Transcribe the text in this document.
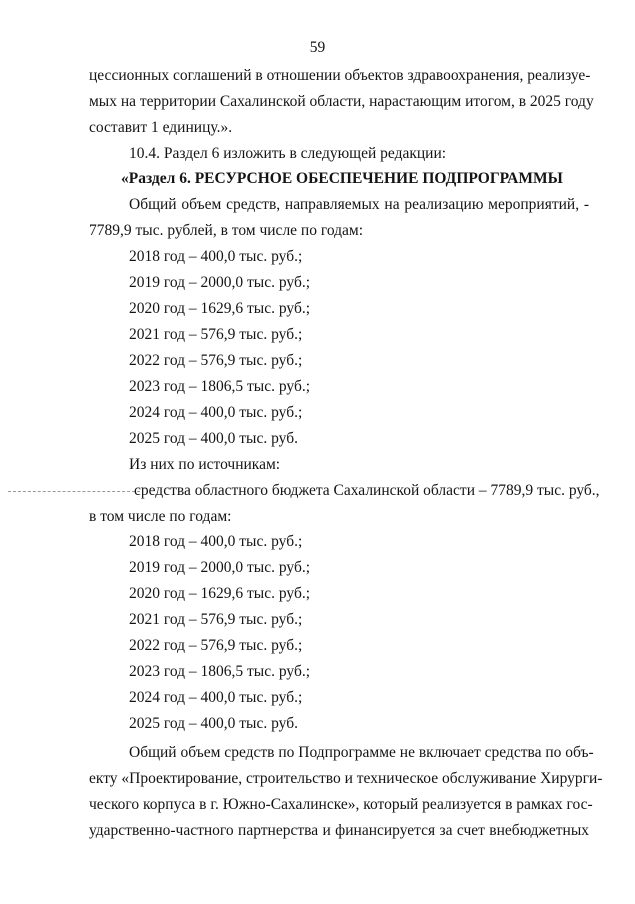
59
цессионных соглашений в отношении объектов здравоохранения, реализуе-
мых на территории Сахалинской области, нарастающим итогом, в 2025 году
составит 1 единицу.».
10.4. Раздел 6 изложить в следующей редакции:
«Раздел 6. РЕСУРСНОЕ ОБЕСПЕЧЕНИЕ ПОДПРОГРАММЫ
Общий объем средств, направляемых на реализацию мероприятий, -
7789,9 тыс. рублей, в том числе по годам:
2018 год – 400,0 тыс. руб.;
2019 год – 2000,0 тыс. руб.;
2020 год – 1629,6 тыс. руб.;
2021 год – 576,9 тыс. руб.;
2022 год – 576,9 тыс. руб.;
2023 год – 1806,5 тыс. руб.;
2024 год – 400,0 тыс. руб.;
2025 год – 400,0 тыс. руб.
Из них по источникам:
средства областного бюджета Сахалинской области – 7789,9 тыс. руб.,
в том числе по годам:
2018 год – 400,0 тыс. руб.;
2019 год – 2000,0 тыс. руб.;
2020 год – 1629,6 тыс. руб.;
2021 год – 576,9 тыс. руб.;
2022 год – 576,9 тыс. руб.;
2023 год – 1806,5 тыс. руб.;
2024 год – 400,0 тыс. руб.;
2025 год – 400,0 тыс. руб.
Общий объем средств по Подпрограмме не включает средства по объ-
екту «Проектирование, строительство и техническое обслуживание Хирурги-
ческого корпуса в г. Южно-Сахалинске», который реализуется в рамках гос-
ударственно-частного партнерства и финансируется за счет внебюджетных
